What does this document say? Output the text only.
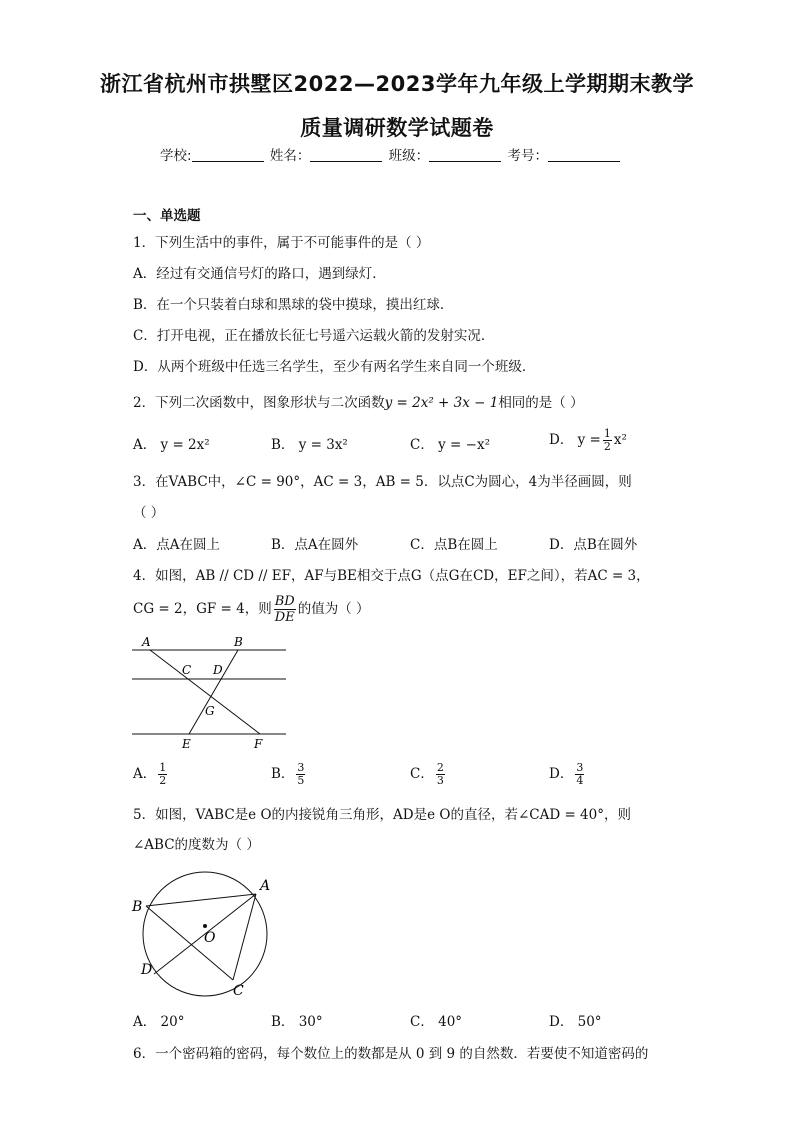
浙江省杭州市拱墅区2022—2023学年九年级上学期期末教学
质量调研数学试题卷
学校:	姓名：	班级：	考号：
一、单选题
1．下列生活中的事件，属于不可能事件的是（ ）
A．经过有交通信号灯的路口，遇到绿灯．
B．在一个只装着白球和黑球的袋中摸球，摸出红球．
C．打开电视，正在播放长征七号遥六运载火箭的发射实况．
D．从两个班级中任选三名学生，至少有两名学生来自同一个班级．
2．下列二次函数中，图象形状与二次函数y = 2x² + 3x − 1相同的是（ ）
A． y = 2x²	B． y = 3x²	C． y = −x²	D． $y = \frac{1}{2} x^2$
3．在VABC中，∠C = 90°，AC = 3，AB = 5．以点C为圆心，4为半径画圆，则
（ ）
A．点A在圆上	B．点A在圆外	C．点B在圆上	D．点B在圆外
4．如图，AB // CD // EF，AF与BE相交于点G（点G在CD，EF之间），若AC = 3，
CG = 2，GF = 4，则 $\frac{BD}{DE}$ 的值为（ ）
A	B
C D
G
E	F
A． $\frac{1}{2}$	B． $\frac{3}{5}$	C． $\frac{2}{3}$	D． $\frac{3}{4}$
5．如图，VABC是e O的内接锐角三角形，AD是e O的直径，若∠CAD = 40°，则
∠ABC的度数为（ ）
A
B
O
D
C
A． 20°	B． 30°	C． 40°	D． 50°
6．一个密码箱的密码，每个数位上的数都是从 0 到 9 的自然数．若要使不知道密码的
